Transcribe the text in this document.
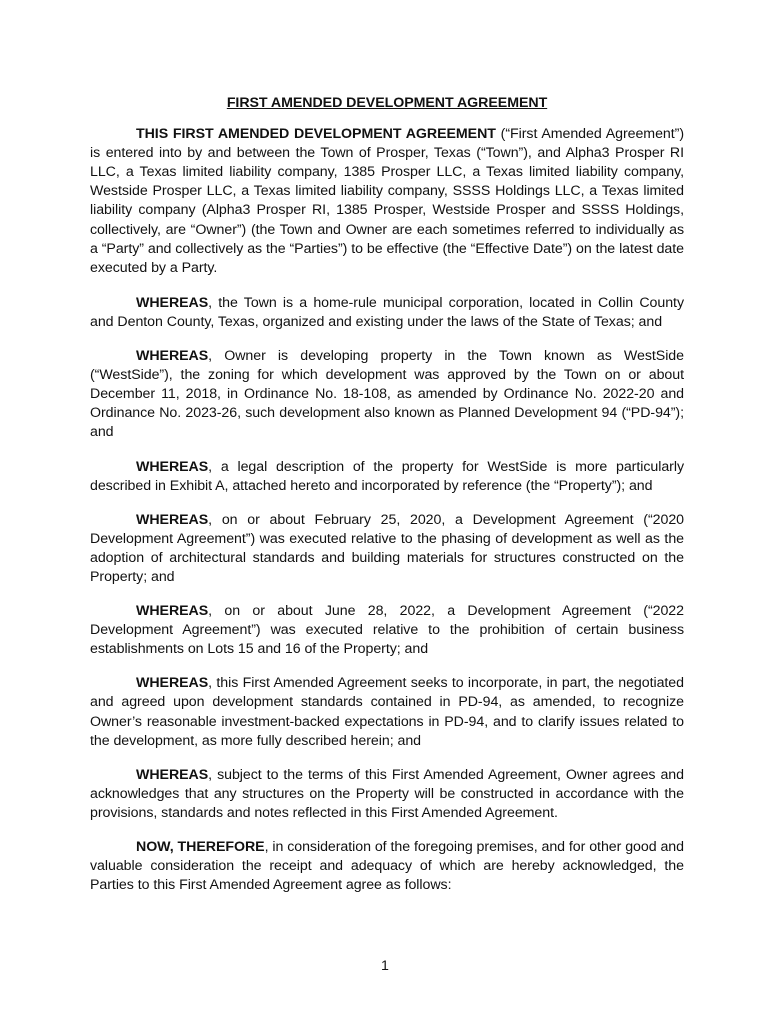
FIRST AMENDED DEVELOPMENT AGREEMENT

THIS FIRST AMENDED DEVELOPMENT AGREEMENT (“First Amended Agreement”) is entered into by and between the Town of Prosper, Texas (“Town”), and Alpha3 Prosper RI LLC, a Texas limited liability company, 1385 Prosper LLC, a Texas limited liability company, Westside Prosper LLC, a Texas limited liability company, SSSS Holdings LLC, a Texas limited liability company (Alpha3 Prosper RI, 1385 Prosper, Westside Prosper and SSSS Holdings, collectively, are “Owner”) (the Town and Owner are each sometimes referred to individually as a “Party” and collectively as the “Parties”) to be effective (the “Effective Date”) on the latest date executed by a Party.

WHEREAS, the Town is a home-rule municipal corporation, located in Collin County and Denton County, Texas, organized and existing under the laws of the State of Texas; and

WHEREAS, Owner is developing property in the Town known as WestSide (“WestSide”), the zoning for which development was approved by the Town on or about December 11, 2018, in Ordinance No. 18-108, as amended by Ordinance No. 2022-20 and Ordinance No. 2023-26, such development also known as Planned Development 94 (“PD-94”); and

WHEREAS, a legal description of the property for WestSide is more particularly described in Exhibit A, attached hereto and incorporated by reference (the “Property”); and

WHEREAS, on or about February 25, 2020, a Development Agreement (“2020 Development Agreement”) was executed relative to the phasing of development as well as the adoption of architectural standards and building materials for structures constructed on the Property; and

WHEREAS, on or about June 28, 2022, a Development Agreement (“2022 Development Agreement”) was executed relative to the prohibition of certain business establishments on Lots 15 and 16 of the Property; and

WHEREAS, this First Amended Agreement seeks to incorporate, in part, the negotiated and agreed upon development standards contained in PD-94, as amended, to recognize Owner’s reasonable investment-backed expectations in PD-94, and to clarify issues related to the development, as more fully described herein; and

WHEREAS, subject to the terms of this First Amended Agreement, Owner agrees and acknowledges that any structures on the Property will be constructed in accordance with the provisions, standards and notes reflected in this First Amended Agreement.

NOW, THEREFORE, in consideration of the foregoing premises, and for other good and valuable consideration the receipt and adequacy of which are hereby acknowledged, the Parties to this First Amended Agreement agree as follows:

1
